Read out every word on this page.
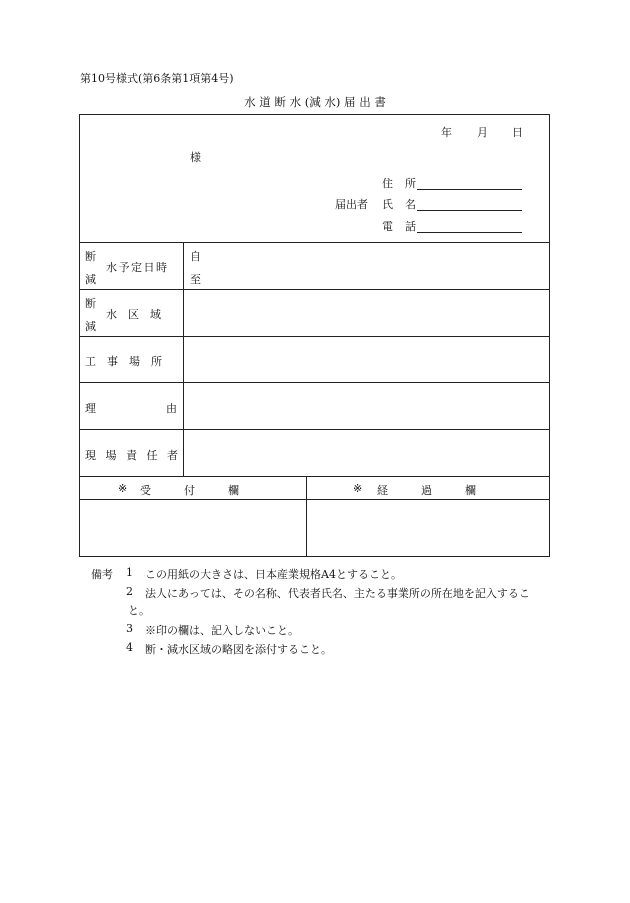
第10号様式(第6条第1項第4号)
水 道 断 水 (減 水) 届 出 書
年 月 日
様
住 所
届出者 氏 名
電 話
断
減
水予定日時
自
至
断
減
水　区　域
工　事　場　所
理	由
現 場 責 任 者
※ 受　　　付　　　欄	※ 経　　　過　　　欄
備考 1 この用紙の大きさは、日本産業規格A4とすること。
2 法人にあっては、その名称、代表者氏名、主たる事業所の所在地を記入するこ
と。
3 ※印の欄は、記入しないこと。
4 断・減水区域の略図を添付すること。
